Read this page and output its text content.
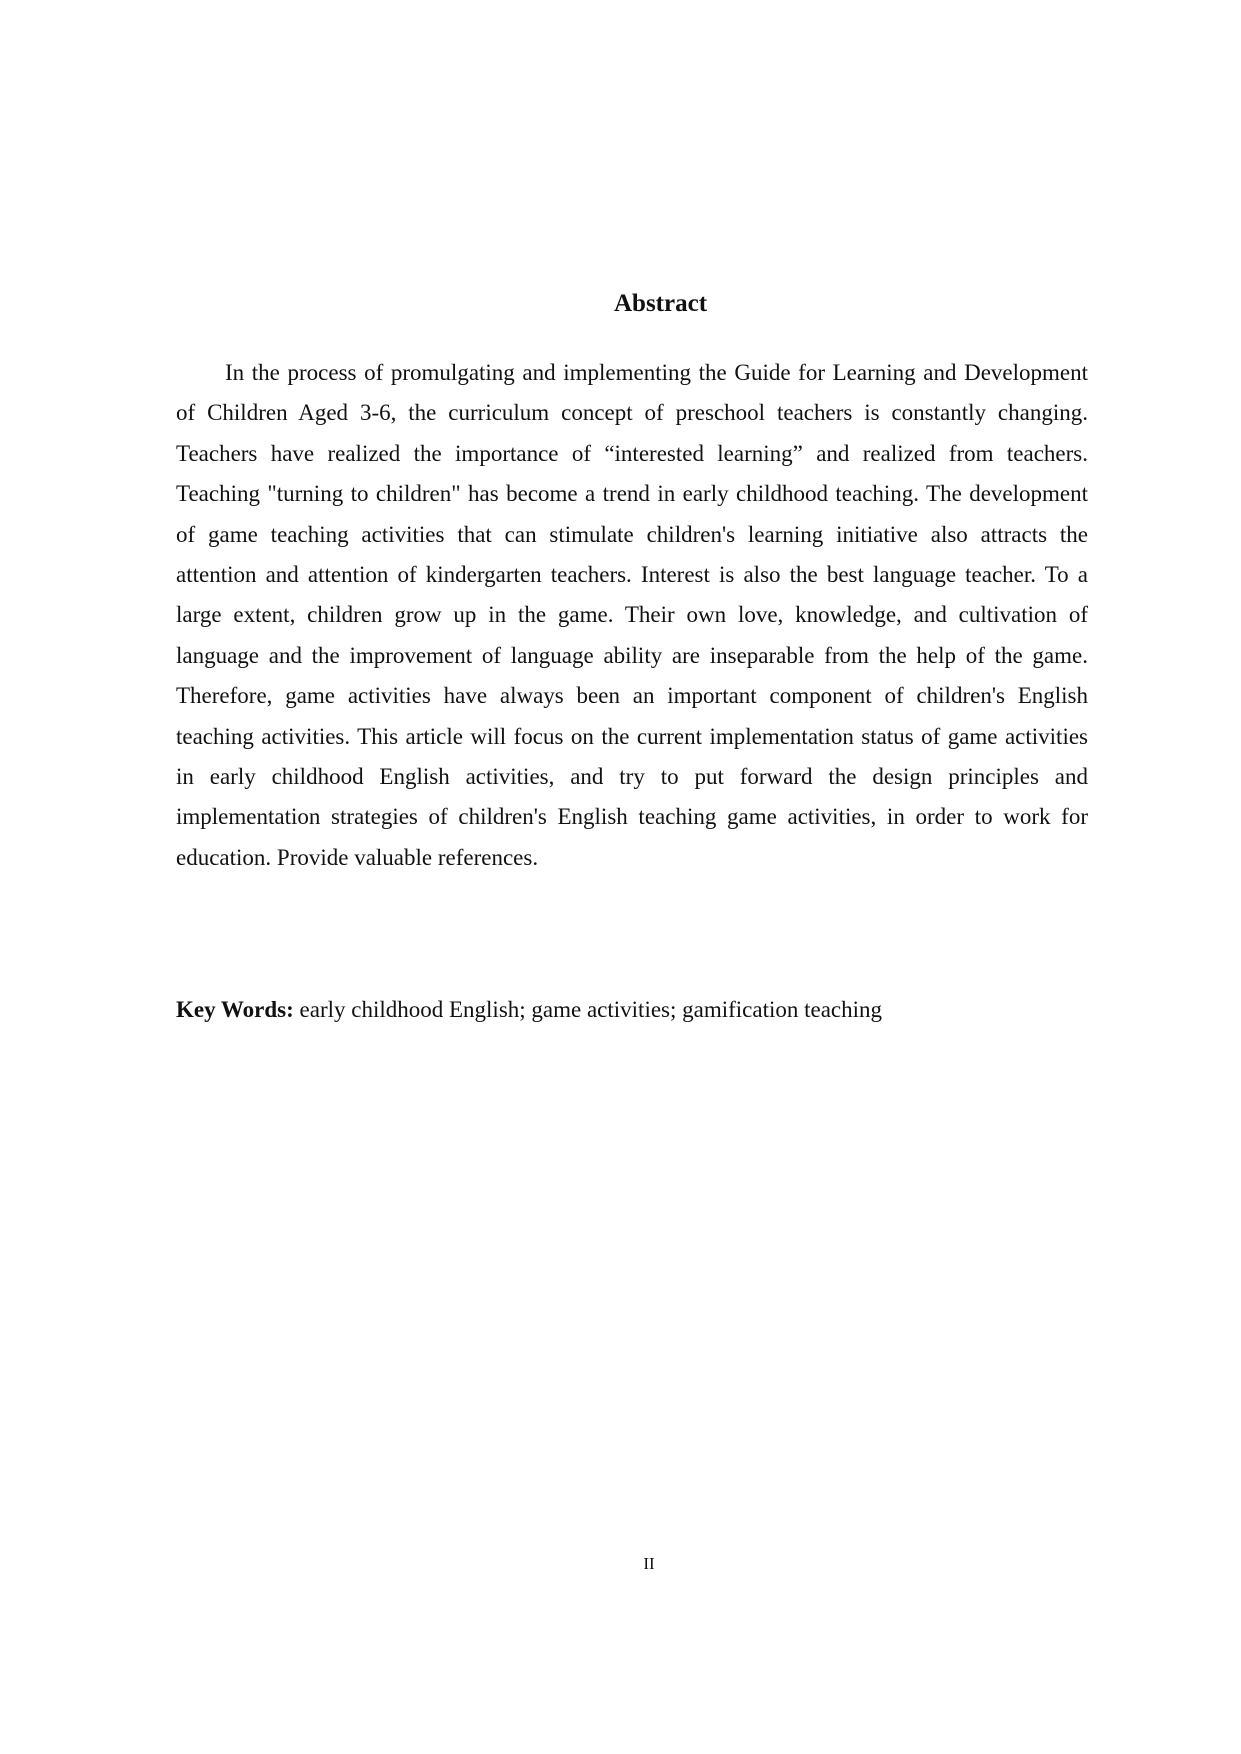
Abstract

In the process of promulgating and implementing the Guide for Learning and Development of Children Aged 3-6, the curriculum concept of preschool teachers is constantly changing. Teachers have realized the importance of “interested learning” and realized from teachers. Teaching "turning to children" has become a trend in early childhood teaching. The development of game teaching activities that can stimulate children's learning initiative also attracts the attention and attention of kindergarten teachers. Interest is also the best language teacher. To a large extent, children grow up in the game. Their own love, knowledge, and cultivation of language and the improvement of language ability are inseparable from the help of the game. Therefore, game activities have always been an important component of children's English teaching activities. This article will focus on the current implementation status of game activities in early childhood English activities, and try to put forward the design principles and implementation strategies of children's English teaching game activities, in order to work for education. Provide valuable references.

Key Words: early childhood English; game activities; gamification teaching

II
